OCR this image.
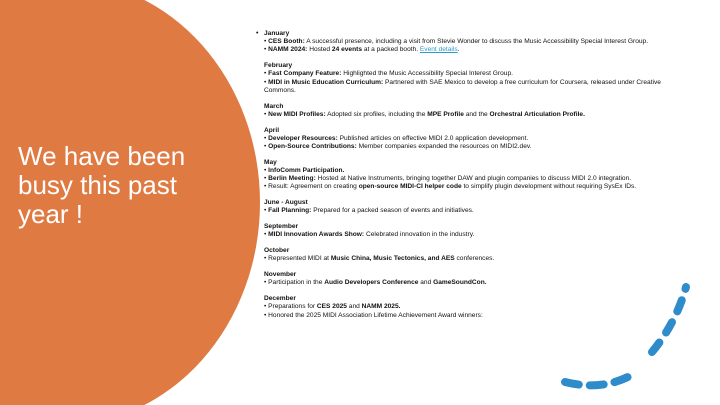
We have been busy this past year !
• January
• CES Booth: A successful presence, including a visit from Stevie Wonder to discuss the Music Accessibility Special Interest Group.
• NAMM 2024: Hosted 24 events at a packed booth. Event details.
February
• Fast Company Feature: Highlighted the Music Accessibility Special Interest Group.
• MIDI in Music Education Curriculum: Partnered with SAE Mexico to develop a free curriculum for Coursera, released under Creative Commons.
March
• New MIDI Profiles: Adopted six profiles, including the MPE Profile and the Orchestral Articulation Profile.
April
• Developer Resources: Published articles on effective MIDI 2.0 application development.
• Open-Source Contributions: Member companies expanded the resources on MIDI2.dev.
May
• InfoComm Participation.
• Berlin Meeting: Hosted at Native Instruments, bringing together DAW and plugin companies to discuss MIDI 2.0 integration.
• Result: Agreement on creating open-source MIDI-CI helper code to simplify plugin development without requiring SysEx IDs.
June - August
• Fall Planning: Prepared for a packed season of events and initiatives.
September
• MIDI Innovation Awards Show: Celebrated innovation in the industry.
October
• Represented MIDI at Music China, Music Tectonics, and AES conferences.
November
• Participation in the Audio Developers Conference and GameSoundCon.
December
• Preparations for CES 2025 and NAMM 2025.
• Honored the 2025 MIDI Association Lifetime Achievement Award winners:
